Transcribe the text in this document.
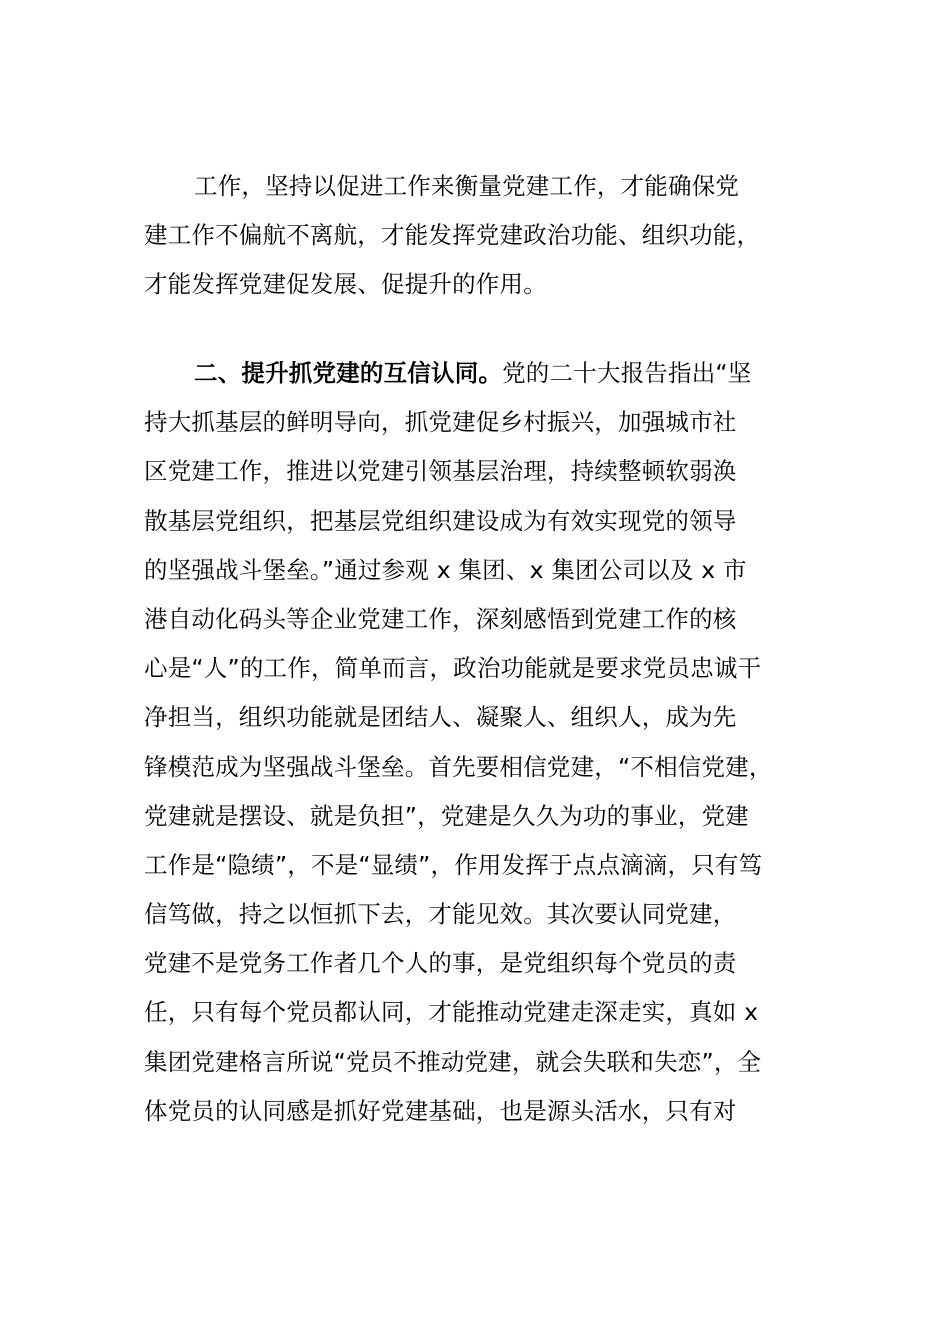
工作，坚持以促进工作来衡量党建工作，才能确保党
建工作不偏航不离航，才能发挥党建政治功能、组织功能，
才能发挥党建促发展、促提升的作用。
二、提升抓党建的互信认同。党的二十大报告指出“坚
持大抓基层的鲜明导向，抓党建促乡村振兴，加强城市社
区党建工作，推进以党建引领基层治理，持续整顿软弱涣
散基层党组织，把基层党组织建设成为有效实现党的领导
的坚强战斗堡垒。”通过参观 x 集团、x 集团公司以及 x 市
港自动化码头等企业党建工作，深刻感悟到党建工作的核
心是“人”的工作，简单而言，政治功能就是要求党员忠诚干
净担当，组织功能就是团结人、凝聚人、组织人，成为先
锋模范成为坚强战斗堡垒。首先要相信党建，“不相信党建，
党建就是摆设、就是负担”，党建是久久为功的事业，党建
工作是“隐绩”，不是“显绩”，作用发挥于点点滴滴，只有笃
信笃做，持之以恒抓下去，才能见效。其次要认同党建，
党建不是党务工作者几个人的事，是党组织每个党员的责
任，只有每个党员都认同，才能推动党建走深走实，真如 x
集团党建格言所说“党员不推动党建，就会失联和失恋”，全
体党员的认同感是抓好党建基础，也是源头活水，只有对
